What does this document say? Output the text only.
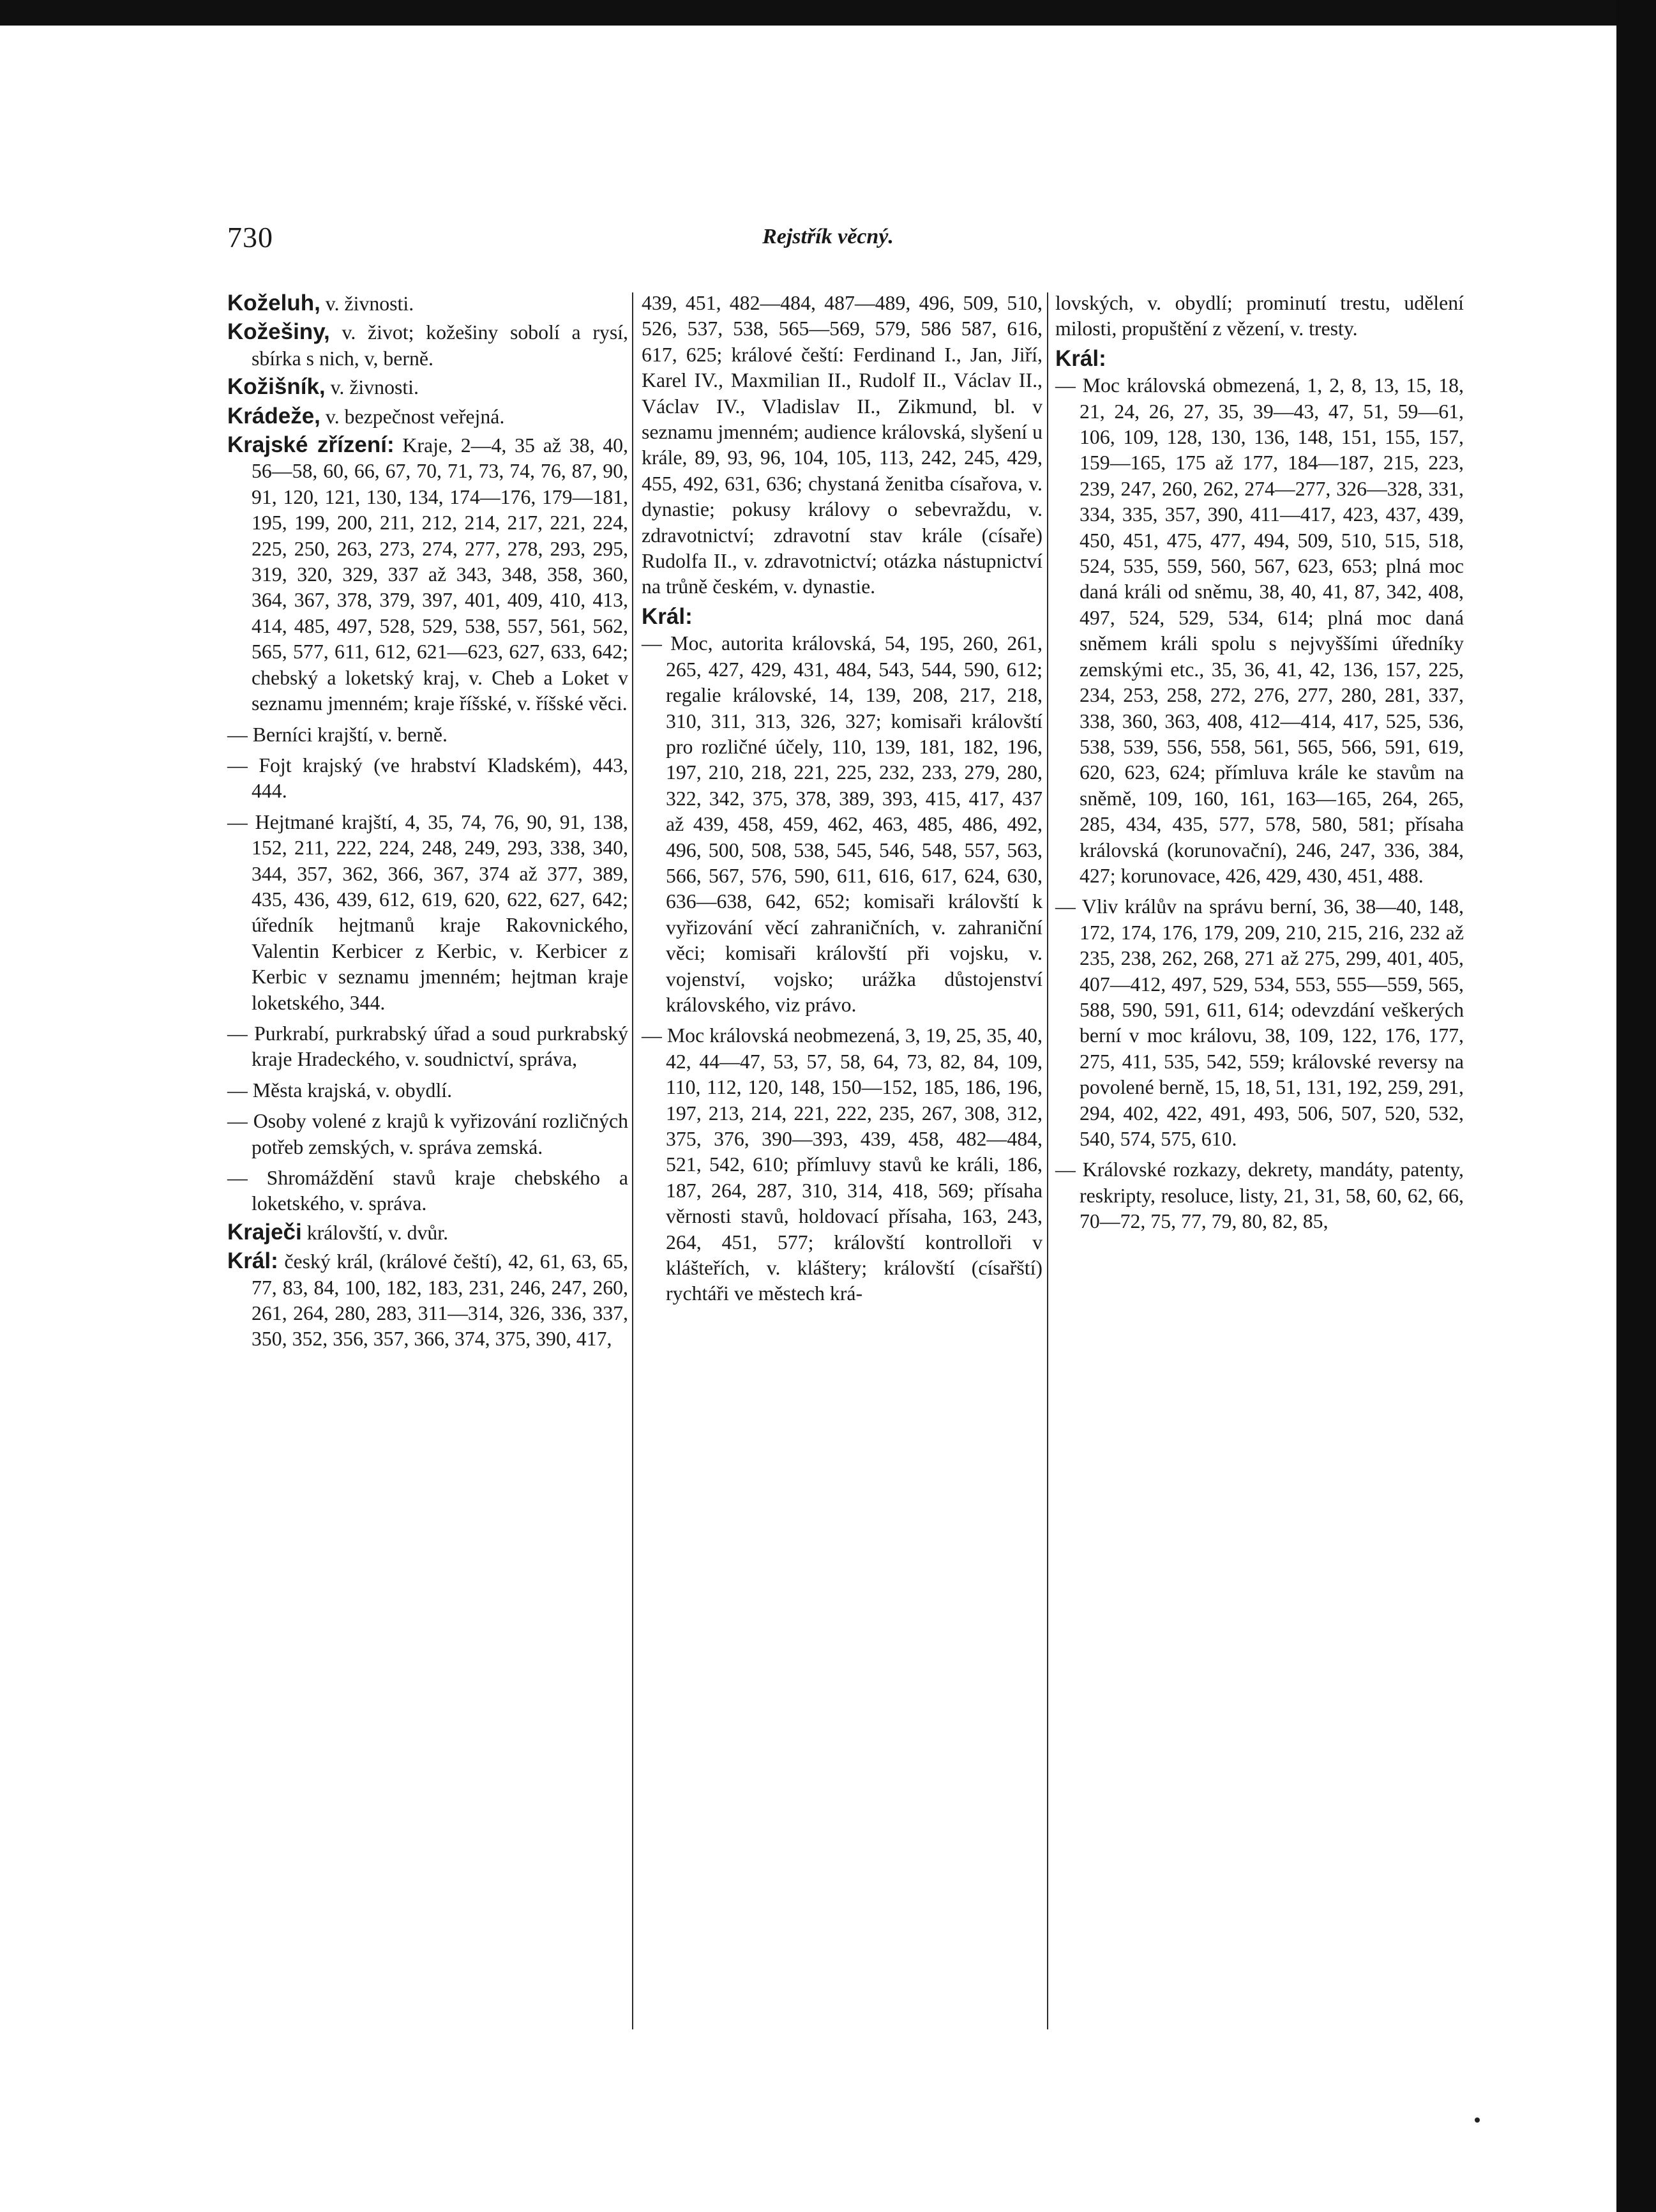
730	Rejstřík věcný.

Koželuh, v. živnosti.

Kožešiny, v. život; kožešiny sobolí a rysí, sbírka s nich, v, berně.

Kožišník, v. živnosti.

Krádeže, v. bezpečnost veřejná.

Krajské zřízení: Kraje, 2—4, 35 až 38, 40, 56—58, 60, 66, 67, 70, 71, 73, 74, 76, 87, 90, 91, 120, 121, 130, 134, 174—176, 179—181, 195, 199, 200, 211, 212, 214, 217, 221, 224, 225, 250, 263, 273, 274, 277, 278, 293, 295, 319, 320, 329, 337 až 343, 348, 358, 360, 364, 367, 378, 379, 397, 401, 409, 410, 413, 414, 485, 497, 528, 529, 538, 557, 561, 562, 565, 577, 611, 612, 621—623, 627, 633, 642; chebský a loketský kraj, v. Cheb a Loket v seznamu jmenném; kraje říšské, v. říšské věci.

— Berníci krajští, v. berně.

— Fojt krajský (ve hrabství Kladském), 443, 444.

— Hejtmané krajští, 4, 35, 74, 76, 90, 91, 138, 152, 211, 222, 224, 248, 249, 293, 338, 340, 344, 357, 362, 366, 367, 374 až 377, 389, 435, 436, 439, 612, 619, 620, 622, 627, 642; úředník hejtmanů kraje Rakovnického, Valentin Kerbicer z Kerbic, v. Kerbicer z Kerbic v seznamu jmenném; hejtman kraje loketského, 344.

— Purkrabí, purkrabský úřad a soud purkrabský kraje Hradeckého, v. soudnictví, správa,

— Města krajská, v. obydlí.

— Osoby volené z krajů k vyřizování rozličných potřeb zemských, v. správa zemská.

— Shromáždění stavů kraje chebského a loketského, v. správa.

Kraječi královští, v. dvůr.

Král: český král, (králové čeští), 42, 61, 63, 65, 77, 83, 84, 100, 182, 183, 231, 246, 247, 260, 261, 264, 280, 283, 311—314, 326, 336, 337, 350, 352, 356, 357, 366, 374, 375, 390, 417,

439, 451, 482—484, 487—489, 496, 509, 510, 526, 537, 538, 565—569, 579, 586 587, 616, 617, 625; králové čeští: Ferdinand I., Jan, Jiří, Karel IV., Maxmilian II., Rudolf II., Václav II., Václav IV., Vladislav II., Zikmund, bl. v seznamu jmenném; audience královská, slyšení u krále, 89, 93, 96, 104, 105, 113, 242, 245, 429, 455, 492, 631, 636; chystaná ženitba císařova, v. dynastie; pokusy královy o sebevraždu, v. zdravotnictví; zdravotní stav krále (císaře) Rudolfa II., v. zdravotnictví; otázka nástupnictví na trůně českém, v. dynastie.

Král:

— Moc, autorita královská, 54, 195, 260, 261, 265, 427, 429, 431, 484, 543, 544, 590, 612; regalie královské, 14, 139, 208, 217, 218, 310, 311, 313, 326, 327; komisaři královští pro rozličné účely, 110, 139, 181, 182, 196, 197, 210, 218, 221, 225, 232, 233, 279, 280, 322, 342, 375, 378, 389, 393, 415, 417, 437 až 439, 458, 459, 462, 463, 485, 486, 492, 496, 500, 508, 538, 545, 546, 548, 557, 563, 566, 567, 576, 590, 611, 616, 617, 624, 630, 636—638, 642, 652; komisaři královští k vyřizování věcí zahraničních, v. zahraniční věci; komisaři královští při vojsku, v. vojenství, vojsko; urážka důstojenství královského, viz právo.

— Moc královská neobmezená, 3, 19, 25, 35, 40, 42, 44—47, 53, 57, 58, 64, 73, 82, 84, 109, 110, 112, 120, 148, 150—152, 185, 186, 196, 197, 213, 214, 221, 222, 235, 267, 308, 312, 375, 376, 390—393, 439, 458, 482—484, 521, 542, 610; přímluvy stavů ke králi, 186, 187, 264, 287, 310, 314, 418, 569; přísaha věrnosti stavů, holdovací přísaha, 163, 243, 264, 451, 577; královští kontrolloři v klášteřích, v. kláštery; královští (císařští) rychtáři ve městech krá-

lovských, v. obydlí; prominutí trestu, udělení milosti, propuštění z vězení, v. tresty.

Král:

— Moc královská obmezená, 1, 2, 8, 13, 15, 18, 21, 24, 26, 27, 35, 39—43, 47, 51, 59—61, 106, 109, 128, 130, 136, 148, 151, 155, 157, 159—165, 175 až 177, 184—187, 215, 223, 239, 247, 260, 262, 274—277, 326—328, 331, 334, 335, 357, 390, 411—417, 423, 437, 439, 450, 451, 475, 477, 494, 509, 510, 515, 518, 524, 535, 559, 560, 567, 623, 653; plná moc daná králi od sněmu, 38, 40, 41, 87, 342, 408, 497, 524, 529, 534, 614; plná moc daná sněmem králi spolu s nejvyššími úředníky zemskými etc., 35, 36, 41, 42, 136, 157, 225, 234, 253, 258, 272, 276, 277, 280, 281, 337, 338, 360, 363, 408, 412—414, 417, 525, 536, 538, 539, 556, 558, 561, 565, 566, 591, 619, 620, 623, 624; přímluva krále ke stavům na sněmě, 109, 160, 161, 163—165, 264, 265, 285, 434, 435, 577, 578, 580, 581; přísaha královská (korunovační), 246, 247, 336, 384, 427; korunovace, 426, 429, 430, 451, 488.

— Vliv králův na správu berní, 36, 38—40, 148, 172, 174, 176, 179, 209, 210, 215, 216, 232 až 235, 238, 262, 268, 271 až 275, 299, 401, 405, 407—412, 497, 529, 534, 553, 555—559, 565, 588, 590, 591, 611, 614; odevzdání veškerých berní v moc královu, 38, 109, 122, 176, 177, 275, 411, 535, 542, 559; královské reversy na povolené berně, 15, 18, 51, 131, 192, 259, 291, 294, 402, 422, 491, 493, 506, 507, 520, 532, 540, 574, 575, 610.

— Královské rozkazy, dekrety, mandáty, patenty, reskripty, resoluce, listy, 21, 31, 58, 60, 62, 66, 70—72, 75, 77, 79, 80, 82, 85,
